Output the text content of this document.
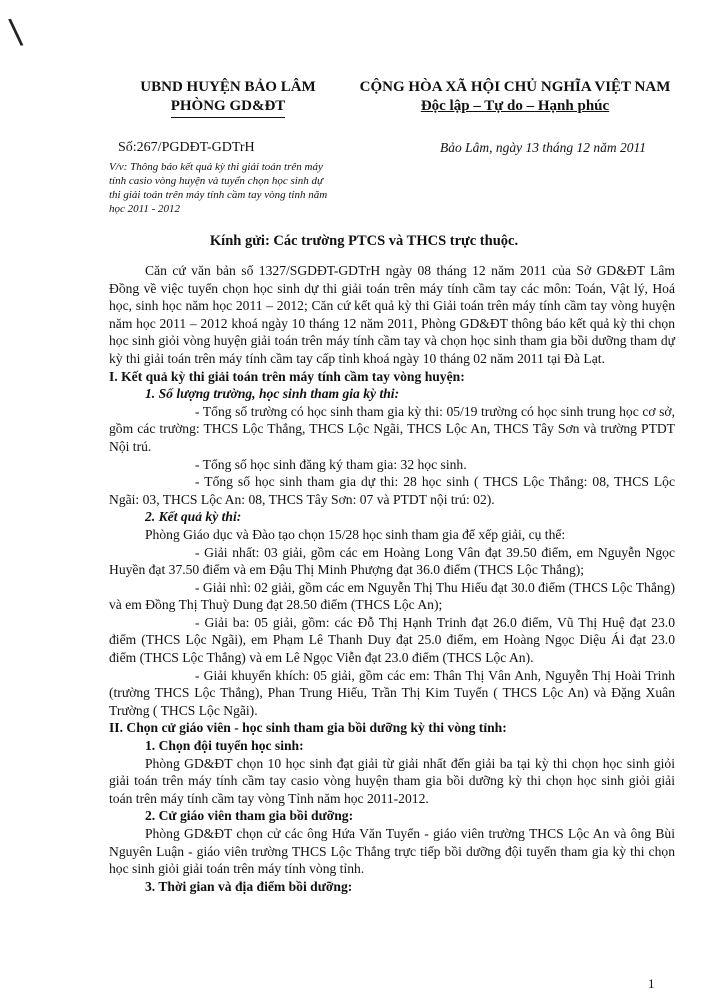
\
UBND HUYỆN BẢO LÂM
PHÒNG GD&ĐT
CỘNG HÒA XÃ HỘI CHỦ NGHĨA VIỆT NAM
Độc lập – Tự do – Hạnh phúc
Số:267/PGDĐT-GDTrH	Bảo Lâm, ngày 13 tháng 12 năm 2011
V/v: Thông báo kết quả kỳ thi giải toán trên máy tính casio vòng huyện và tuyển chọn học sinh dự thi giải toán trên máy tính cầm tay vòng tỉnh năm học 2011 - 2012
Kính gửi: Các trường PTCS và THCS trực thuộc.

Căn cứ văn bản số 1327/SGDĐT-GDTrH ngày 08 tháng 12 năm 2011 của Sở GD&ĐT Lâm Đồng về việc tuyển chọn học sinh dự thi giải toán trên máy tính cầm tay các môn: Toán, Vật lý, Hoá học, sinh học năm học 2011 – 2012; Căn cứ kết quả kỳ thi Giải toán trên máy tính cầm tay vòng huyện năm học 2011 – 2012 khoá ngày 10 tháng 12 năm 2011, Phòng GD&ĐT thông báo kết quả kỳ thi chọn học sinh giỏi vòng huyện giải toán trên máy tính cầm tay và chọn học sinh tham gia bồi dưỡng tham dự kỳ thi giải toán trên máy tính cầm tay cấp tỉnh khoá ngày 10 tháng 02 năm 2011 tại Đà Lạt.

I. Kết quả kỳ thi giải toán trên máy tính cầm tay vòng huyện:

1. Số lượng trường, học sinh tham gia kỳ thi:

- Tổng số trường có học sinh tham gia kỳ thi: 05/19 trường có học sinh trung học cơ sở, gồm các trường: THCS Lộc Thắng, THCS Lộc Ngãi, THCS Lộc An, THCS Tây Sơn và trường PTDT Nội trú.

- Tổng số học sinh đăng ký tham gia: 32 học sinh.

- Tổng số học sinh tham gia dự thi: 28 học sinh ( THCS Lộc Thắng: 08, THCS Lộc Ngãi: 03, THCS Lộc An: 08, THCS Tây Sơn: 07 và PTDT nội trú: 02).

2. Kết quả kỳ thi:

Phòng Giáo dục và Đào tạo chọn 15/28 học sinh tham gia để xếp giải, cụ thể:

- Giải nhất: 03 giải, gồm các em Hoàng Long Vân đạt 39.50 điểm, em Nguyễn Ngọc Huyền đạt 37.50 điểm và em Đậu Thị Minh Phượng đạt 36.0 điểm (THCS Lộc Thắng);

- Giải nhì: 02 giải, gồm các em Nguyễn Thị Thu Hiếu đạt 30.0 điểm (THCS Lộc Thắng) và em Đồng Thị Thuỳ Dung đạt 28.50 điểm (THCS Lộc An);

- Giải ba: 05 giải, gồm: các Đỗ Thị Hạnh Trinh đạt 26.0 điểm, Vũ Thị Huệ đạt 23.0 điểm (THCS Lộc Ngãi), em Phạm Lê Thanh Duy đạt 25.0 điểm, em Hoàng Ngọc Diệu Ái đạt 23.0 điểm (THCS Lộc Thắng) và em Lê Ngọc Viễn đạt 23.0 điểm (THCS Lộc An).

- Giải khuyến khích: 05 giải, gồm các em: Thân Thị Vân Anh, Nguyễn Thị Hoài Trinh (trường THCS Lộc Thắng), Phan Trung Hiếu, Trần Thị Kim Tuyến ( THCS Lộc An) và Đặng Xuân Trường ( THCS Lộc Ngãi).

II. Chọn cử giáo viên - học sinh tham gia bồi dưỡng kỳ thi vòng tỉnh:

1. Chọn đội tuyển học sinh:

Phòng GD&ĐT chọn 10 học sinh đạt giải từ giải nhất đến giải ba tại kỳ thi chọn học sinh giỏi giải toán trên máy tính cầm tay casio vòng huyện tham gia bồi dưỡng kỳ thi chọn học sinh giỏi giải toán trên máy tính cầm tay vòng Tỉnh năm học 2011-2012.

2. Cử giáo viên tham gia bồi dưỡng:

Phòng GD&ĐT chọn cử các ông Hứa Văn Tuyển - giáo viên trường THCS Lộc An và ông Bùi Nguyên Luận - giáo viên trường THCS Lộc Thắng trực tiếp bồi dưỡng đội tuyển tham gia kỳ thi chọn học sinh giỏi giải toán trên máy tính vòng tỉnh.

3. Thời gian và địa điểm bồi dưỡng:

1
